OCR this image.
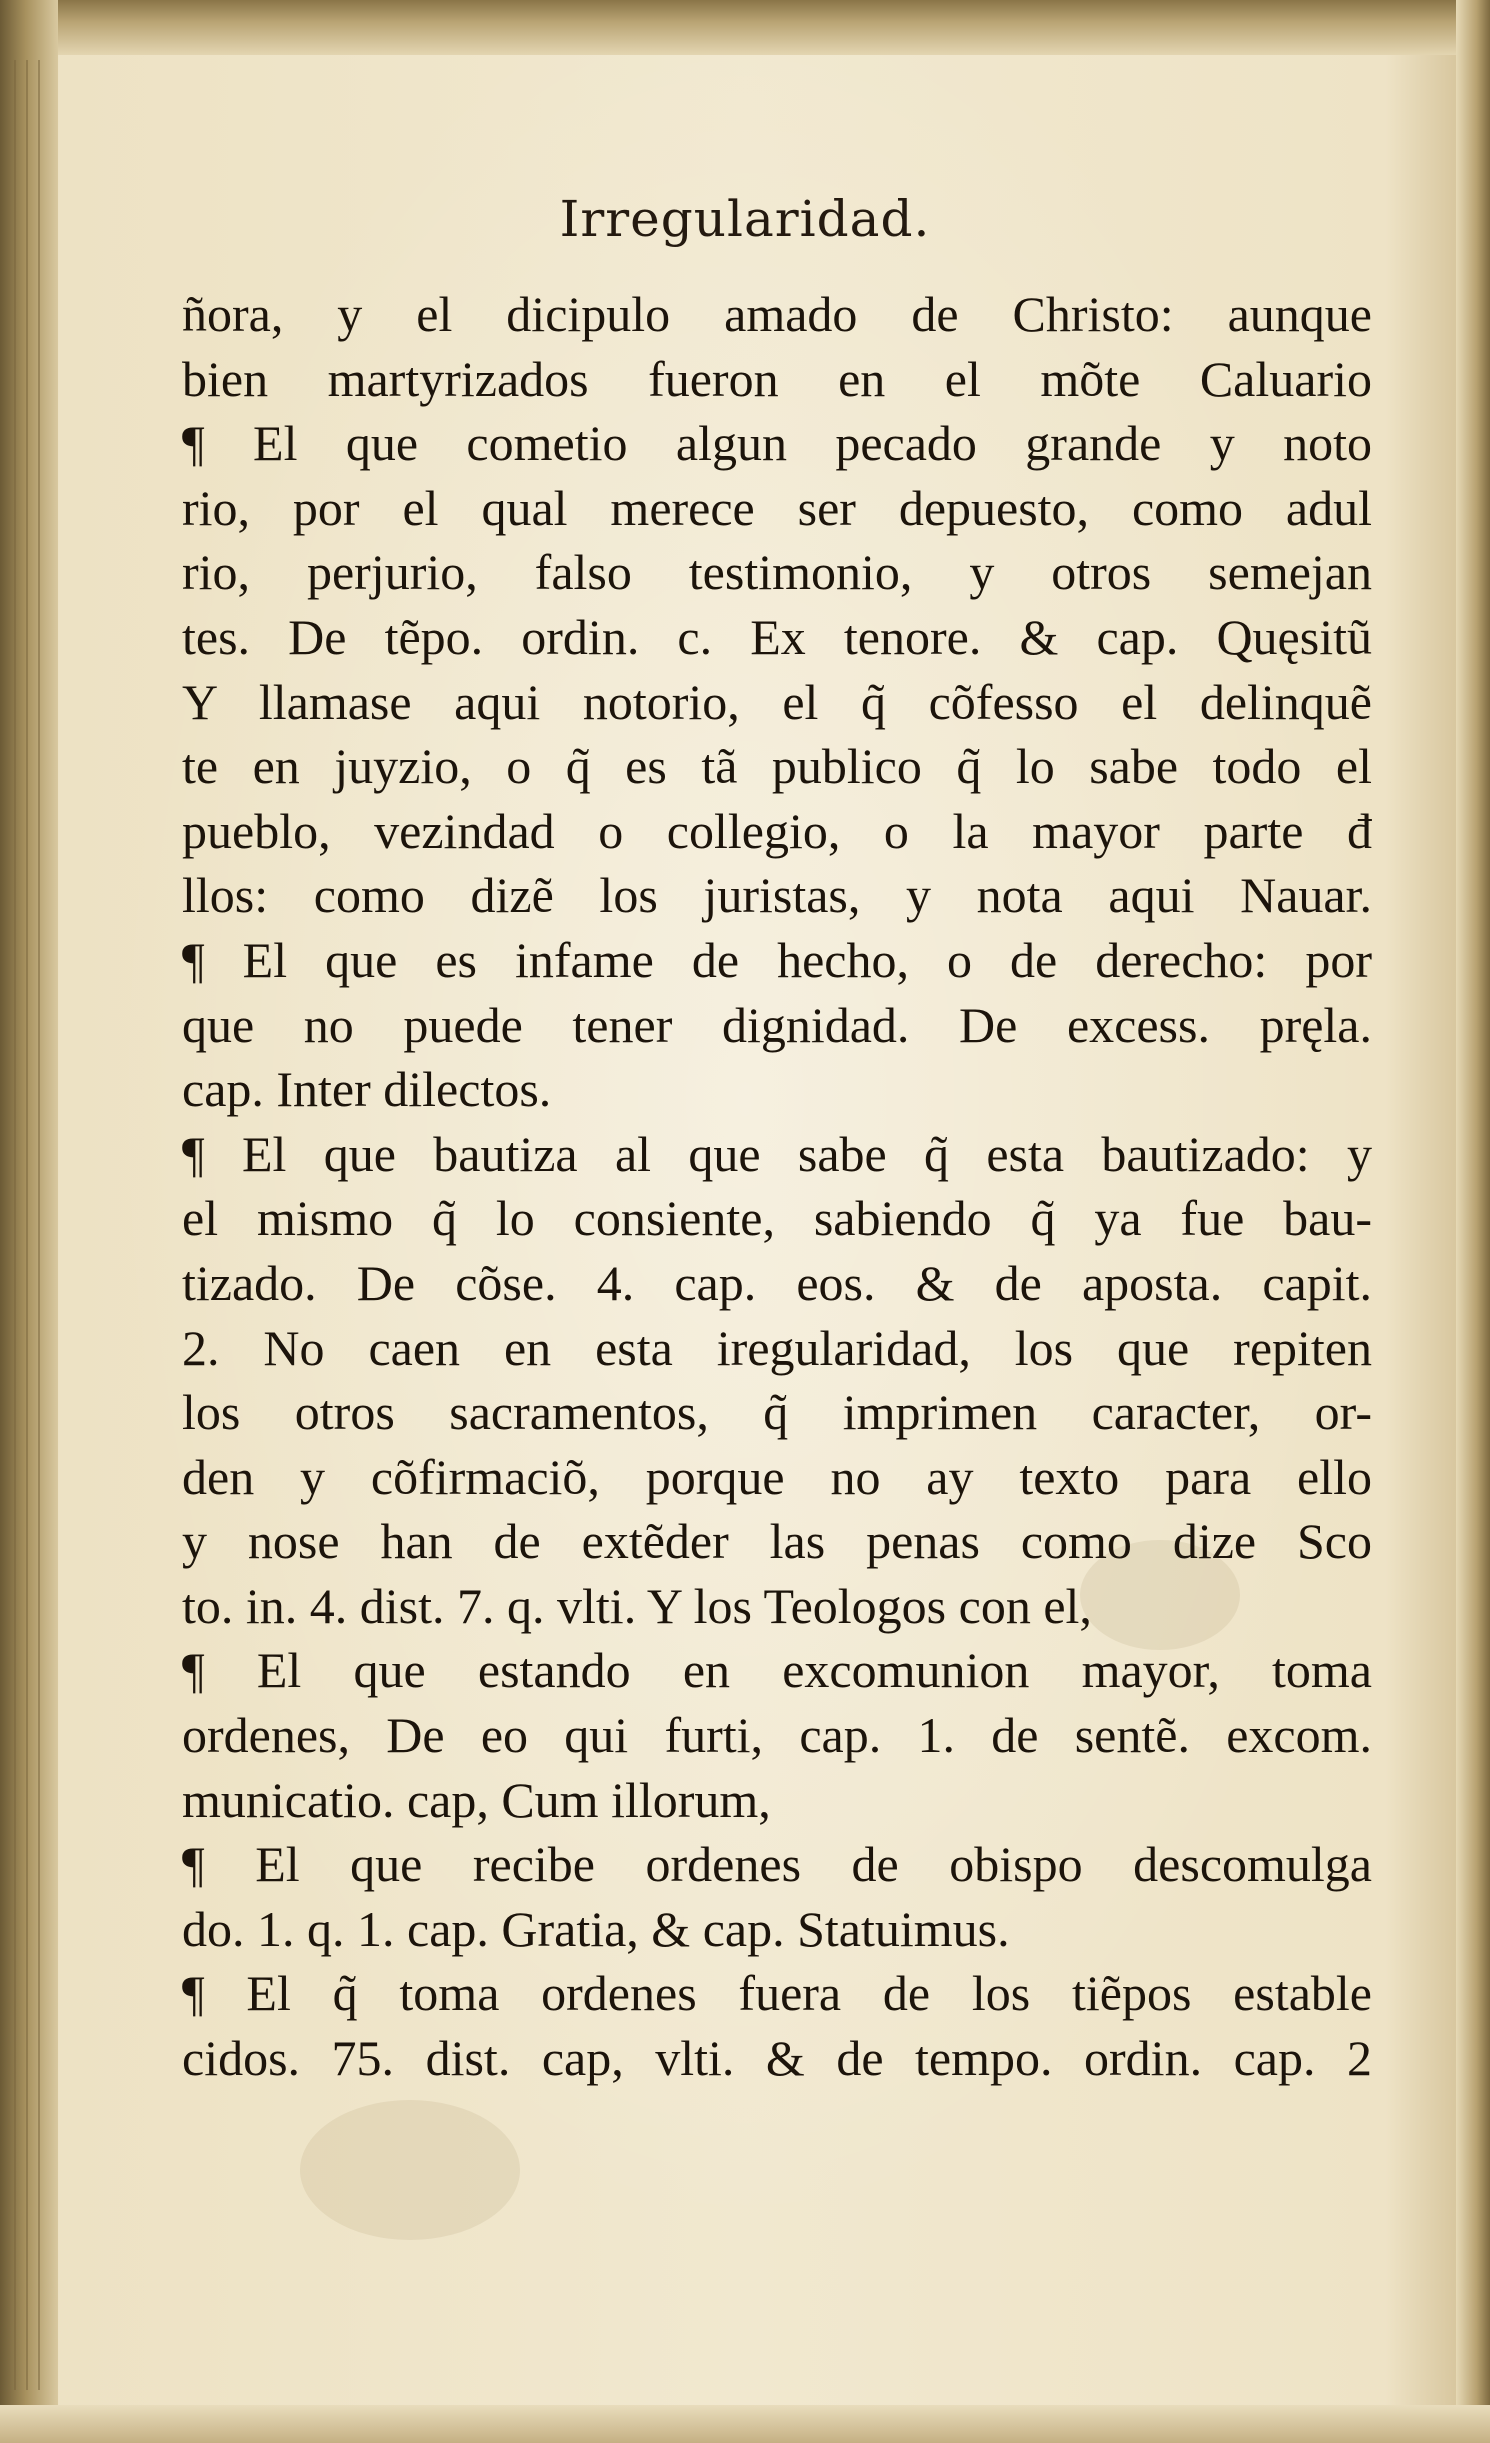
Irregularidad.
ñora, y el dicipulo amado de Christo: aunque
bien martyrizados fueron en el mõte Caluario
¶ El que cometio algun pecado grande y noto
rio, por el qual merece ser depuesto, como adul
rio, perjurio, falso testimonio, y otros semejan
tes. De tẽpo. ordin. c. Ex tenore. & cap. Quęsitũ
Y llamase aqui notorio, el q̃ cõfesso el delinquẽ
te en juyzio, o q̃ es tã publico q̃ lo sabe todo el
pueblo, vezindad o collegio, o la mayor parte đ
llos: como dizẽ los juristas, y nota aqui Nauar.
¶ El que es infame de hecho, o de derecho: por
que no puede tener dignidad. De excess. pręla.
cap. Inter dilectos.
¶ El que bautiza al que sabe q̃ esta bautizado: y
el mismo q̃ lo consiente, sabiendo q̃ ya fue bau-
tizado. De cõse. 4. cap. eos. & de aposta. capit.
2. No caen en esta iregularidad, los que repiten
los otros sacramentos, q̃ imprimen caracter, or-
den y cõfirmaciõ, porque no ay texto para ello
y nose han de extẽder las penas como dize Sco
to. in. 4. dist. 7. q. vlti. Y los Teologos con el,
¶ El que estando en excomunion mayor, toma
ordenes, De eo qui furti, cap. 1. de sentẽ. excom.
municatio. cap, Cum illorum,
¶ El que recibe ordenes de obispo descomulga
do. 1. q. 1. cap. Gratia, & cap. Statuimus.
¶ El q̃ toma ordenes fuera de los tiẽpos estable
cidos. 75. dist. cap, vlti. & de tempo. ordin. cap. 2
